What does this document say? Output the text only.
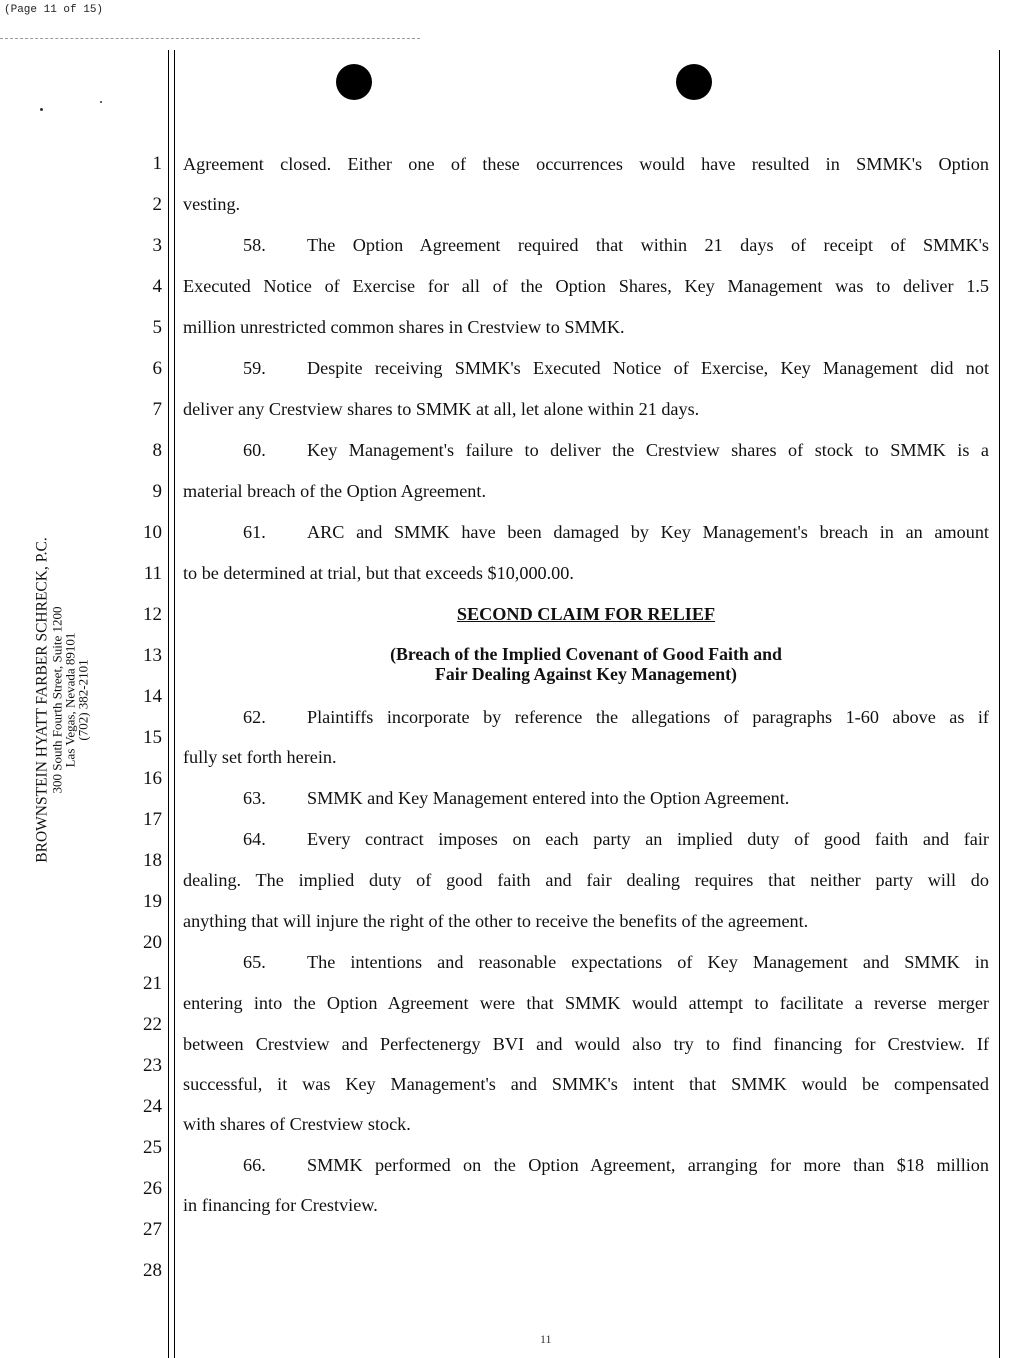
(Page 11 of 15)
BROWNSTEIN HYATT FARBER SCHRECK, P.C. 300 South Fourth Street, Suite 1200
Las Vegas, Nevada 89101
(702) 382-2101
1
2
3
4
5
6
7
8
9
10
11
12
13
14
15
16
17
18
19
20
21
22
23
24
25
26
27
28
Agreement closed. Either one of these occurrences would have resulted in SMMK's Option
vesting.
58. The Option Agreement required that within 21 days of receipt of SMMK's
Executed Notice of Exercise for all of the Option Shares, Key Management was to deliver 1.5
million unrestricted common shares in Crestview to SMMK.
59. Despite receiving SMMK's Executed Notice of Exercise, Key Management did not
deliver any Crestview shares to SMMK at all, let alone within 21 days.
60. Key Management's failure to deliver the Crestview shares of stock to SMMK is a
material breach of the Option Agreement.
61. ARC and SMMK have been damaged by Key Management's breach in an amount
to be determined at trial, but that exceeds $10,000.00.
SECOND CLAIM FOR RELIEF
(Breach of the Implied Covenant of Good Faith and
Fair Dealing Against Key Management)
62. Plaintiffs incorporate by reference the allegations of paragraphs 1-60 above as if
fully set forth herein.
63. SMMK and Key Management entered into the Option Agreement.
64. Every contract imposes on each party an implied duty of good faith and fair
dealing. The implied duty of good faith and fair dealing requires that neither party will do
anything that will injure the right of the other to receive the benefits of the agreement.
65. The intentions and reasonable expectations of Key Management and SMMK in
entering into the Option Agreement were that SMMK would attempt to facilitate a reverse merger
between Crestview and Perfectenergy BVI and would also try to find financing for Crestview. If
successful, it was Key Management's and SMMK's intent that SMMK would be compensated
with shares of Crestview stock.
66. SMMK performed on the Option Agreement, arranging for more than $18 million
in financing for Crestview.
11
